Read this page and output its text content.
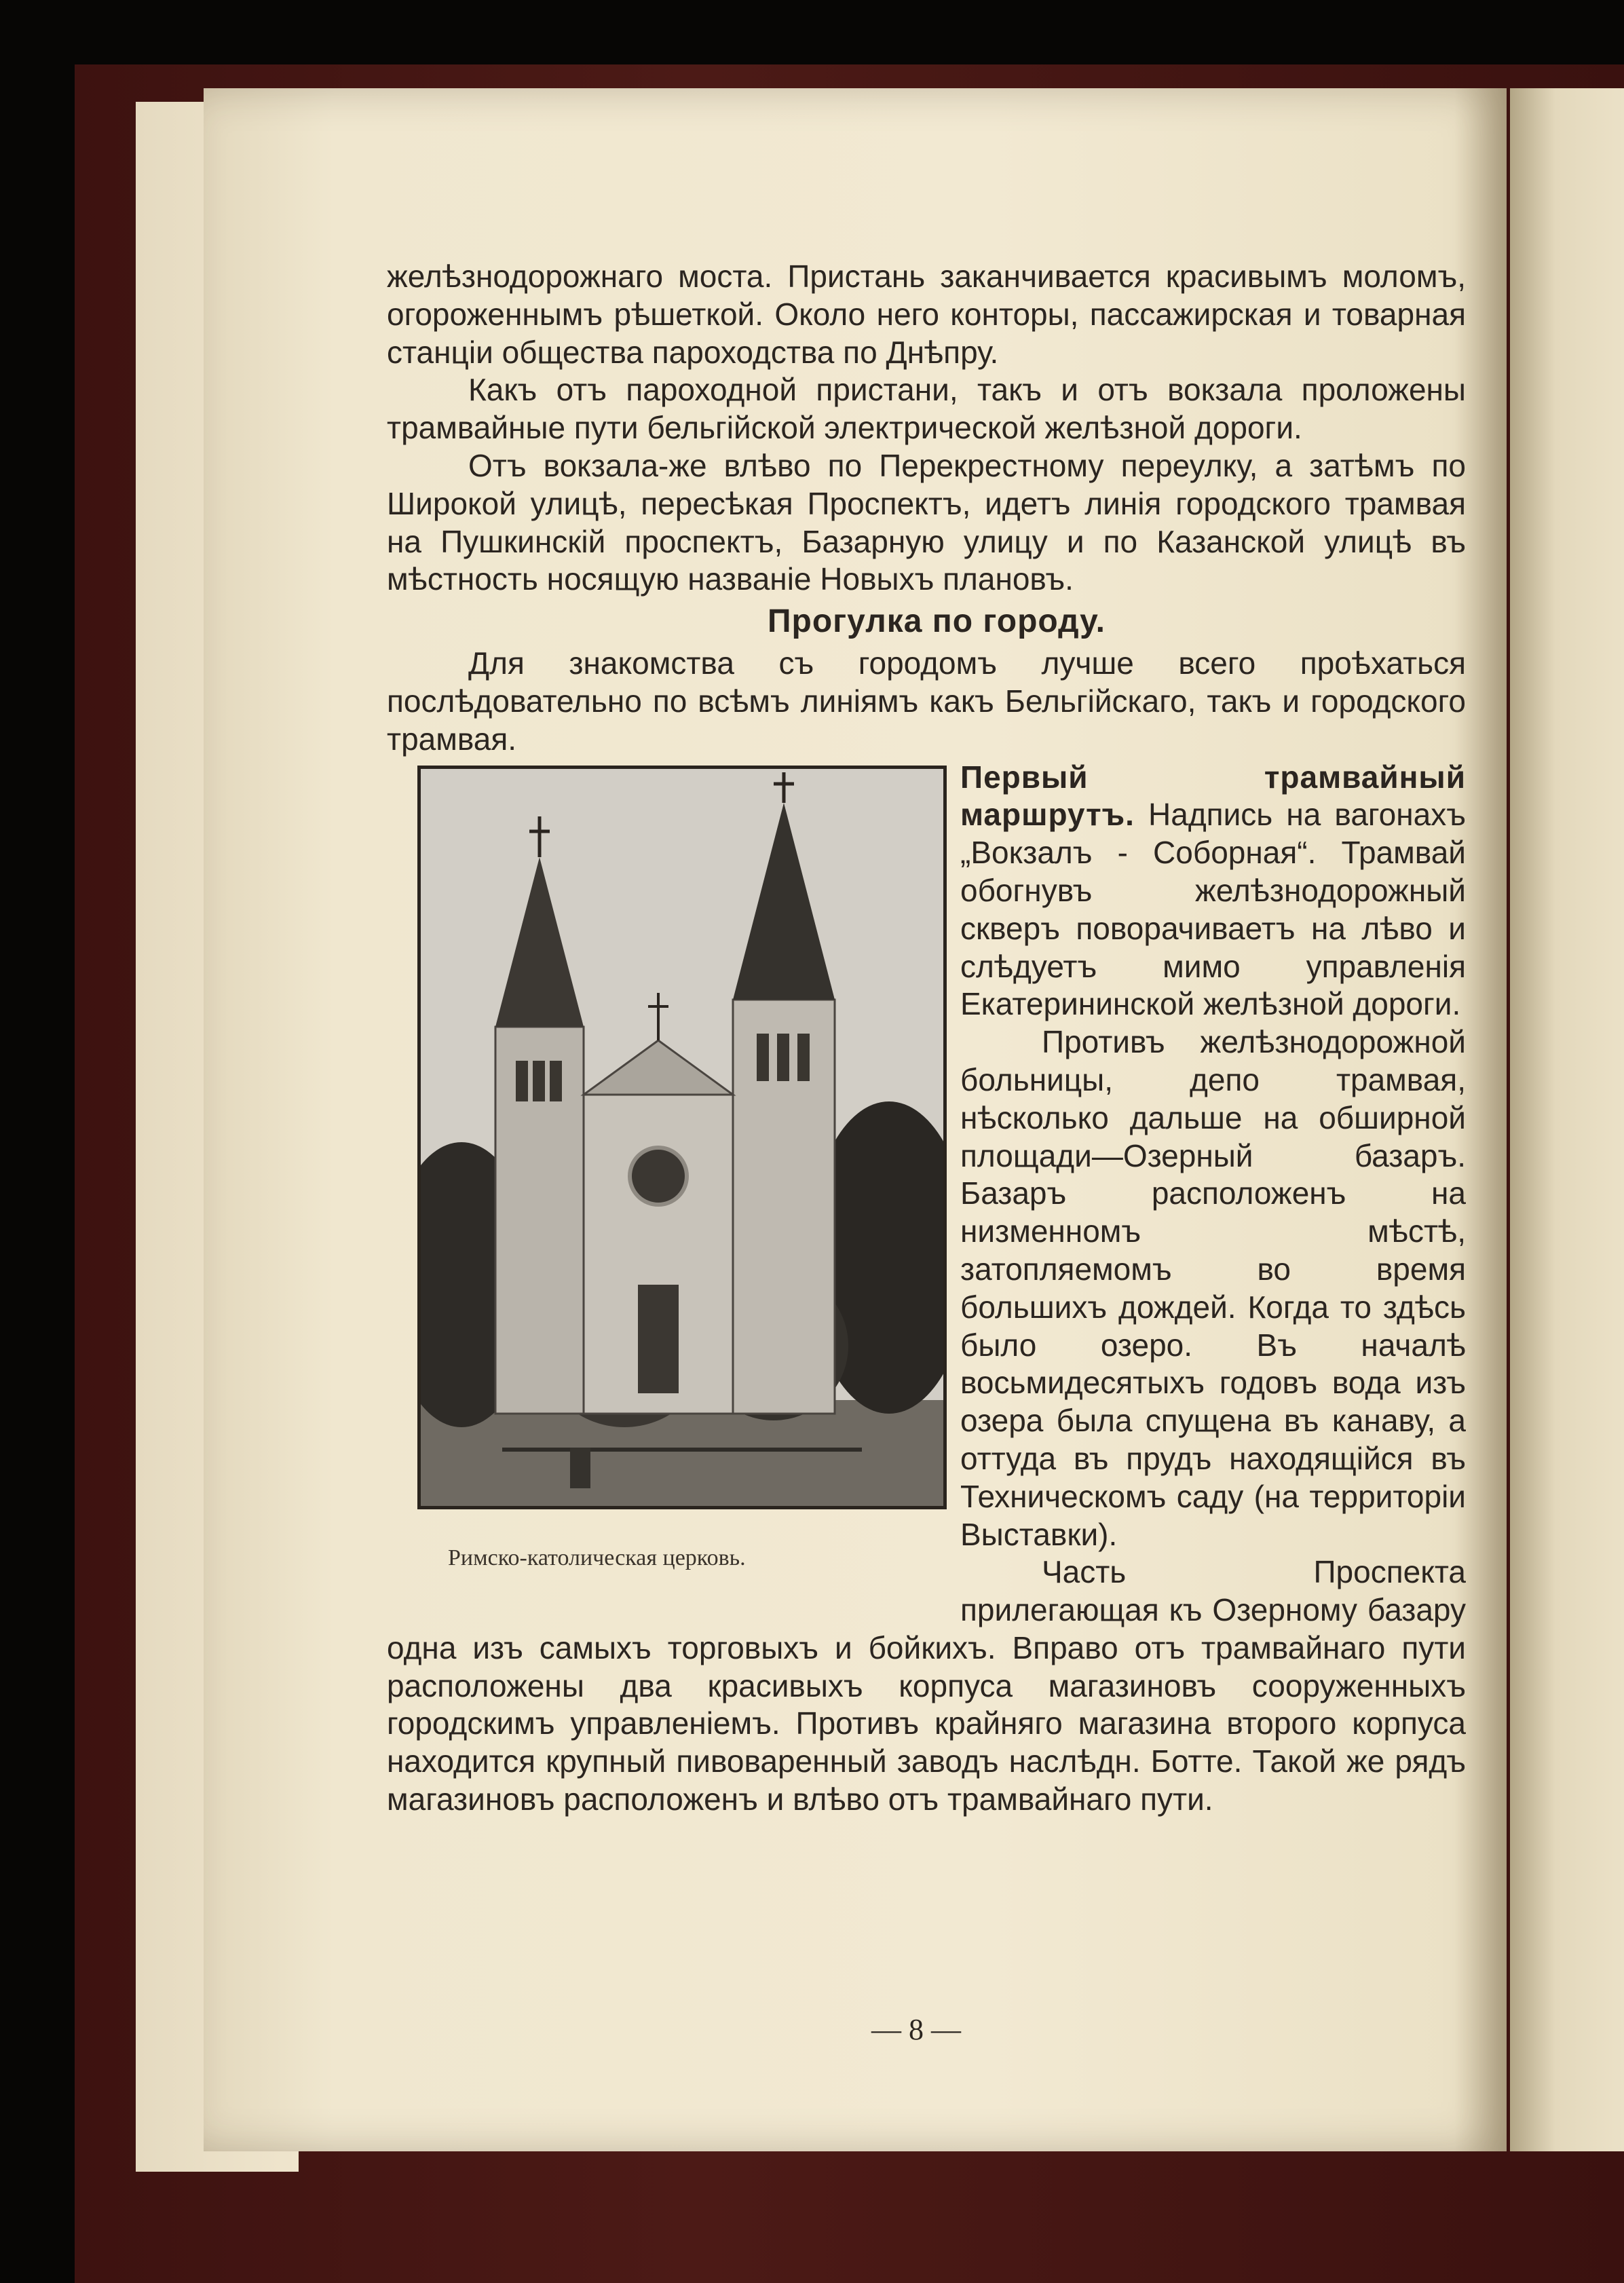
желѣзнодорожнаго моста. Пристань заканчивается красивымъ моломъ, огороженнымъ рѣшеткой. Около него конторы, пассажирская и товарная станціи общества пароходства по Днѣпру.

Какъ отъ пароходной пристани, такъ и отъ вокзала проложены трамвайные пути бельгійской электрической желѣзной дороги.

Отъ вокзала-же влѣво по Перекрестному переулку, а затѣмъ по Широкой улицѣ, пересѣкая Проспектъ, идетъ линія городского трамвая на Пушкинскій проспектъ, Базарную улицу и по Казанской улицѣ въ мѣстность носящую названіе Новыхъ плановъ.

Прогулка по городу.

Для знакомства съ городомъ лучше всего проѣхаться послѣдовательно по всѣмъ линіямъ какъ Бельгійскаго, такъ и городского трамвая.

Римско-католическая церковь.

Первый трамвайный маршрутъ. Надпись на вагонахъ „Вокзалъ - Соборная“. Трамвай обогнувъ желѣзнодорожный скверъ поворачиваетъ на лѣво и слѣдуетъ мимо управленія Екатерининской желѣзной дороги.

Противъ желѣзнодорожной больницы, депо трамвая, нѣсколько дальше на обширной площади—Озерный базаръ. Базаръ расположенъ на низменномъ мѣстѣ, затопляемомъ во время большихъ дождей. Когда то здѣсь было озеро. Въ началѣ восьмидесятыхъ годовъ вода изъ озера была спущена въ канаву, а оттуда въ прудъ находящійся въ Техническомъ саду (на территоріи Выставки).

Часть Проспекта прилегающая къ Озерному базару одна изъ самыхъ торговыхъ и бойкихъ. Вправо отъ трамвайнаго пути расположены два красивыхъ корпуса магазиновъ сооруженныхъ городскимъ управленіемъ. Противъ крайняго магазина второго корпуса находится крупный пивоваренный заводъ наслѣдн. Ботте. Такой же рядъ магазиновъ расположенъ и влѣво отъ трамвайнаго пути.

— 8 —
